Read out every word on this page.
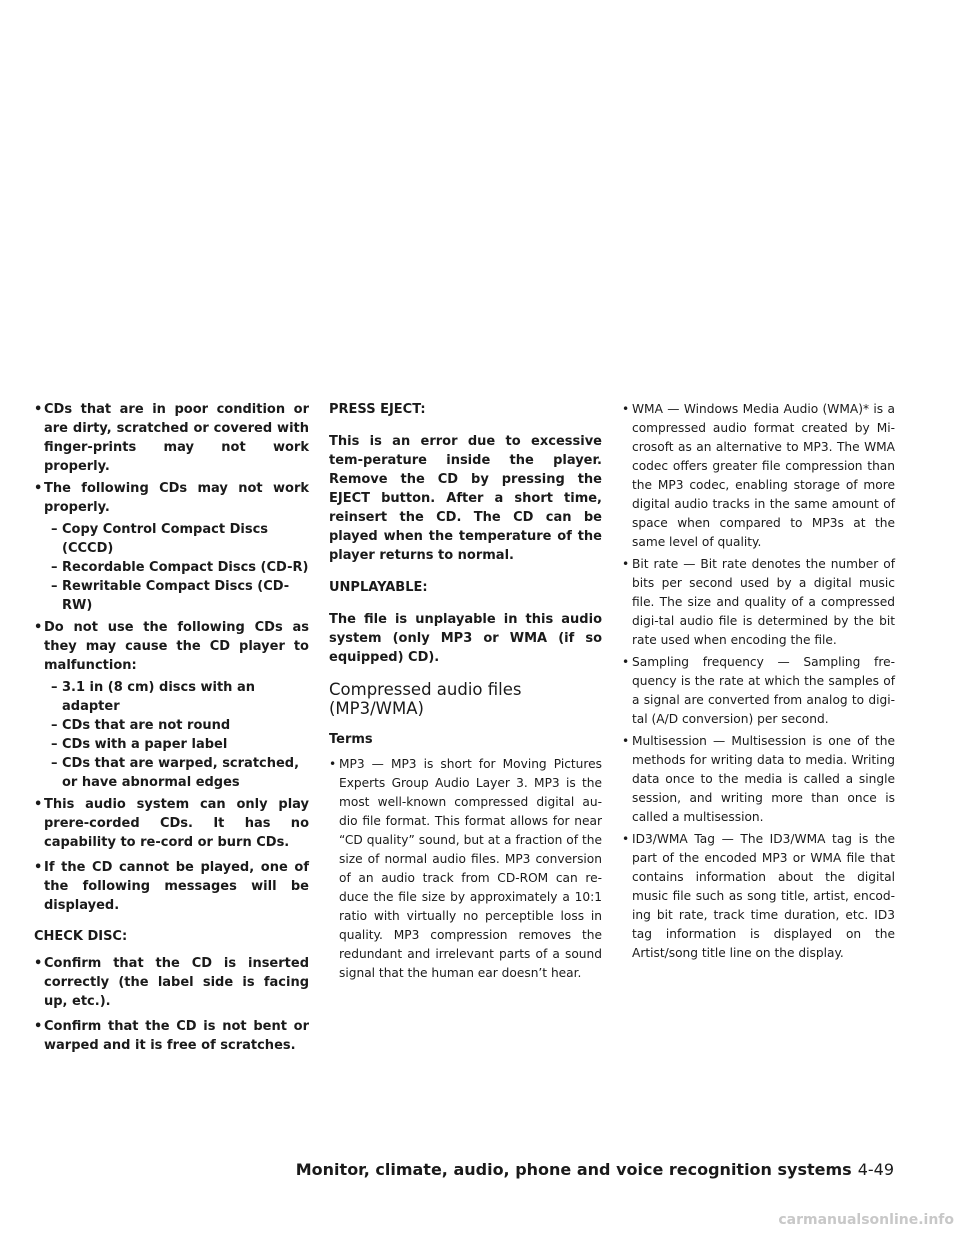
• CDs that are in poor condition or are dirty, scratched or covered with finger-prints may not work properly.

• The following CDs may not work properly.

– Copy Control Compact Discs (CCCD)

– Recordable Compact Discs (CD-R)

– Rewritable Compact Discs (CD-RW)

• Do not use the following CDs as they may cause the CD player to malfunction:

– 3.1 in (8 cm) discs with an adapter

– CDs that are not round

– CDs with a paper label

– CDs that are warped, scratched, or have abnormal edges

• This audio system can only play prere-corded CDs. It has no capability to re-cord or burn CDs.

• If the CD cannot be played, one of the following messages will be displayed.

CHECK DISC:

• Confirm that the CD is inserted correctly (the label side is facing up, etc.).

• Confirm that the CD is not bent or warped and it is free of scratches.

PRESS EJECT:

This is an error due to excessive tem-perature inside the player. Remove the CD by pressing the EJECT button. After a short time, reinsert the CD. The CD can be played when the temperature of the player returns to normal.

UNPLAYABLE:

The file is unplayable in this audio system (only MP3 or WMA (if so equipped) CD).

Compressed audio files (MP3/WMA)

Terms

• MP3 — MP3 is short for Moving Pictures Experts Group Audio Layer 3. MP3 is the most well-known compressed digital au-dio file format. This format allows for near “CD quality” sound, but at a fraction of the size of normal audio files. MP3 conversion of an audio track from CD-ROM can re-duce the file size by approximately a 10:1 ratio with virtually no perceptible loss in quality. MP3 compression removes the redundant and irrelevant parts of a sound signal that the human ear doesn’t hear.

• WMA — Windows Media Audio (WMA)* is a compressed audio format created by Mi-crosoft as an alternative to MP3. The WMA codec offers greater file compression than the MP3 codec, enabling storage of more digital audio tracks in the same amount of space when compared to MP3s at the same level of quality.

• Bit rate — Bit rate denotes the number of bits per second used by a digital music file. The size and quality of a compressed digi-tal audio file is determined by the bit rate used when encoding the file.

• Sampling frequency — Sampling fre-quency is the rate at which the samples of a signal are converted from analog to digi-tal (A/D conversion) per second.

• Multisession — Multisession is one of the methods for writing data to media. Writing data once to the media is called a single session, and writing more than once is called a multisession.

• ID3/WMA Tag — The ID3/WMA tag is the part of the encoded MP3 or WMA file that contains information about the digital music file such as song title, artist, encod-ing bit rate, track time duration, etc. ID3 tag information is displayed on the Artist/song title line on the display.

Monitor, climate, audio, phone and voice recognition systems 4-49
carmanualsonline.info
